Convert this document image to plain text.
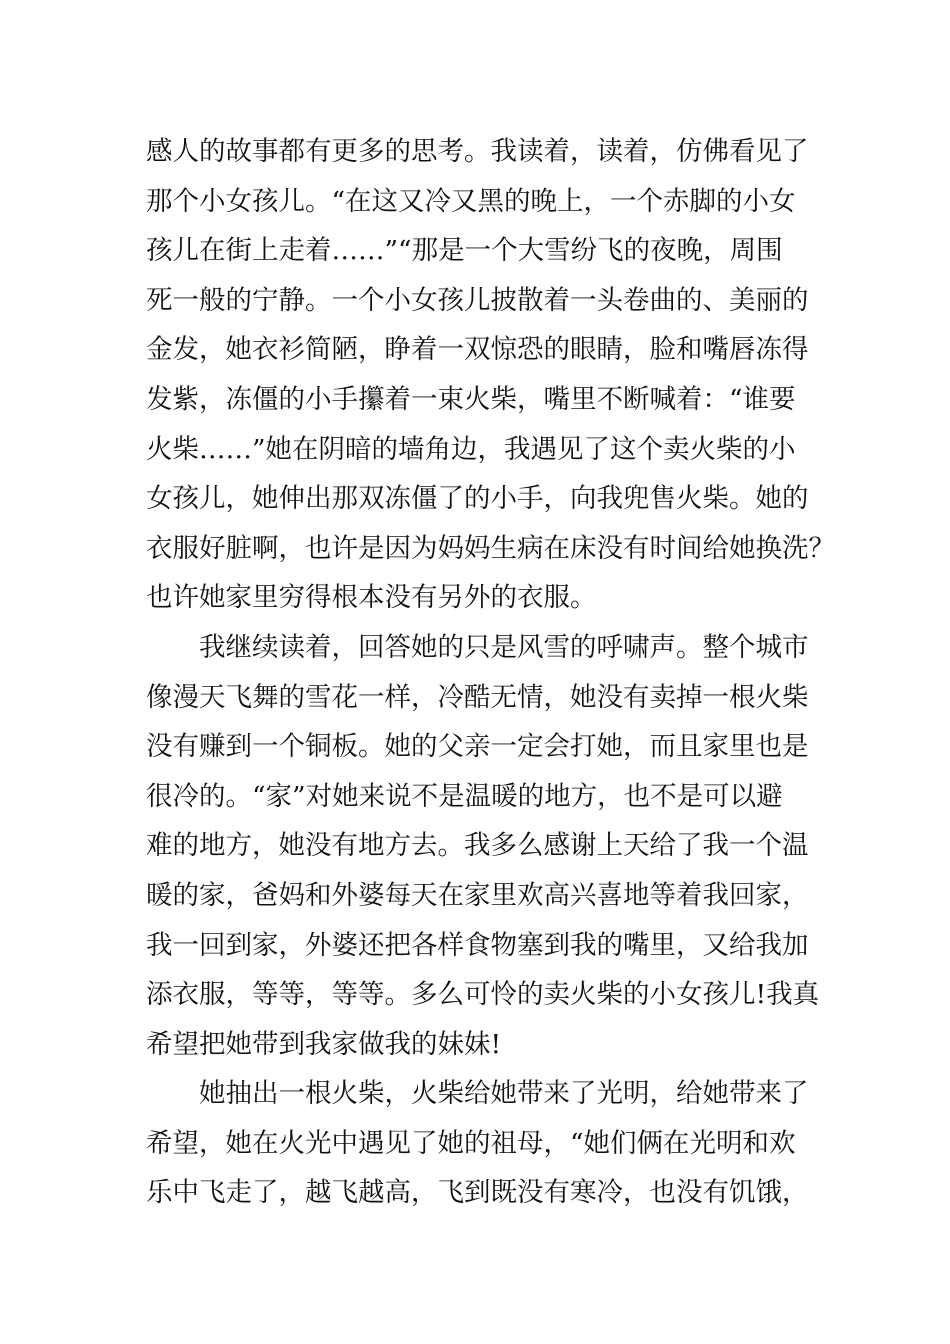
感人的故事都有更多的思考。我读着，读着，仿佛看见了
那个小女孩儿。“在这又冷又黑的晚上，一个赤脚的小女
孩儿在街上走着……”“那是一个大雪纷飞的夜晚，周围
死一般的宁静。一个小女孩儿披散着一头卷曲的、美丽的
金发，她衣衫简陋，睁着一双惊恐的眼睛，脸和嘴唇冻得
发紫，冻僵的小手攥着一束火柴，嘴里不断喊着：“谁要
火柴……”她在阴暗的墙角边，我遇见了这个卖火柴的小
女孩儿，她伸出那双冻僵了的小手，向我兜售火柴。她的
衣服好脏啊，也许是因为妈妈生病在床没有时间给她换洗？
也许她家里穷得根本没有另外的衣服。
　　我继续读着，回答她的只是风雪的呼啸声。整个城市
像漫天飞舞的雪花一样，冷酷无情，她没有卖掉一根火柴
没有赚到一个铜板。她的父亲一定会打她，而且家里也是
很冷的。“家”对她来说不是温暖的地方，也不是可以避
难的地方，她没有地方去。我多么感谢上天给了我一个温
暖的家，爸妈和外婆每天在家里欢高兴喜地等着我回家，
我一回到家，外婆还把各样食物塞到我的嘴里，又给我加
添衣服，等等，等等。多么可怜的卖火柴的小女孩儿!我真
希望把她带到我家做我的妹妹!
　　她抽出一根火柴，火柴给她带来了光明，给她带来了
希望，她在火光中遇见了她的祖母，“她们俩在光明和欢
乐中飞走了，越飞越高，飞到既没有寒冷，也没有饥饿，
